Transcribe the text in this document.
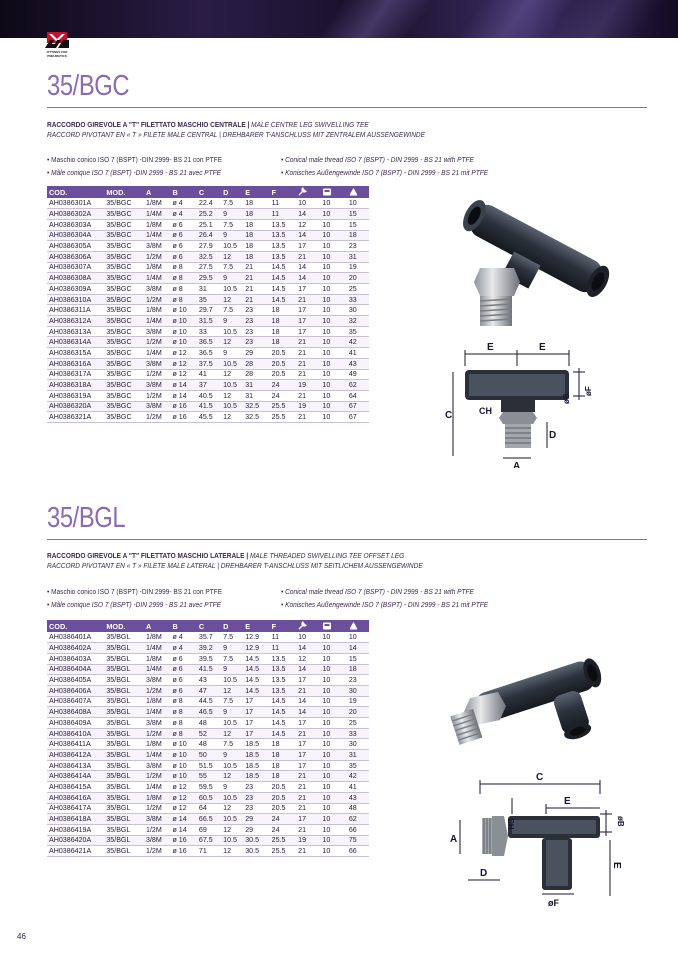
FITTINGS FOR PNEUMATICS
35/BGC
RACCORDO GIREVOLE A "T" FILETTATO MASCHIO CENTRALE | MALE CENTRE LEG SWIVELLING TEE
RACCORD PIVOTANT EN « T » FILETE MALE CENTRAL | DREHBARER T-ANSCHLUSS MIT ZENTRALEM AUSSENGEWINDE
• Maschio conico ISO 7 (BSPT) -DIN 2999- BS 21 con PTFE
• Mâle conique ISO 7 (BSPT) -DIN 2999 - BS 21 avec PTFE
• Conical male thread ISO 7 (BSPT) - DIN 2999 - BS 21 with PTFE
• Konisches Außengewinde ISO 7 (BSPT) - DIN 2999 - BS 21 mit PTFE
COD.	MOD.	A	B	C	D	E	F			
AH0386301A	35/BGC	1/8M	ø 4	22.4	7.5	18	11	10	10	10
AH0386302A	35/BGC	1/4M	ø 4	25.2	9	18	11	14	10	15
AH0386303A	35/BGC	1/8M	ø 6	25.1	7.5	18	13.5	12	10	15
AH0386304A	35/BGC	1/4M	ø 6	26.4	9	18	13.5	14	10	18
AH0386305A	35/BGC	3/8M	ø 6	27.9	10.5	18	13.5	17	10	23
AH0386306A	35/BGC	1/2M	ø 6	32.5	12	18	13.5	21	10	31
AH0386307A	35/BGC	1/8M	ø 8	27.5	7.5	21	14.5	14	10	19
AH0386308A	35/BGC	1/4M	ø 8	29.5	9	21	14.5	14	10	20
AH0386309A	35/BGC	3/8M	ø 8	31	10.5	21	14.5	17	10	25
AH0386310A	35/BGC	1/2M	ø 8	35	12	21	14.5	21	10	33
AH0386311A	35/BGC	1/8M	ø 10	29.7	7.5	23	18	17	10	30
AH0386312A	35/BGC	1/4M	ø 10	31.5	9	23	18	17	10	32
AH0386313A	35/BGC	3/8M	ø 10	33	10.5	23	18	17	10	35
AH0386314A	35/BGC	1/2M	ø 10	36.5	12	23	18	21	10	42
AH0386315A	35/BGC	1/4M	ø 12	36.5	9	29	20.5	21	10	41
AH0386316A	35/BGC	3/8M	ø 12	37.5	10.5	28	20.5	21	10	43
AH0386317A	35/BGC	1/2M	ø 12	41	12	28	20.5	21	10	49
AH0386318A	35/BGC	3/8M	ø 14	37	10.5	31	24	19	10	62
AH0386319A	35/BGC	1/2M	ø 14	40.5	12	31	24	21	10	64
AH0386320A	35/BGC	3/8M	ø 16	41.5	10.5	32.5	25.5	19	10	67
AH0386321A	35/BGC	1/2M	ø 16	45.5	12	32.5	25.5	21	10	67
E	E
øF
øB
C	CH
D
A
35/BGL
RACCORDO GIREVOLE A "T" FILETTATO MASCHIO LATERALE | MALE THREADED SWIVELLING TEE OFFSET LEG
RACCORD PIVOTANT EN « T » FILETE MALE LATERAL | DREHBARER T-ANSCHLUSS MIT SEITLICHEM AUSSENGEWINDE
• Maschio conico ISO 7 (BSPT) -DIN 2999- BS 21 con PTFE
• Mâle conique ISO 7 (BSPT) -DIN 2999 - BS 21 avec PTFE
• Conical male thread ISO 7 (BSPT) - DIN 2999 - BS 21 with PTFE
• Konisches Außengewinde ISO 7 (BSPT) - DIN 2999 - BS 21 mit PTFE
COD.	MOD.	A	B	C	D	E	F			
AH0386401A	35/BGL	1/8M	ø 4	35.7	7.5	12.9	11	10	10	10
AH0386402A	35/BGL	1/4M	ø 4	39.2	9	12.9	11	14	10	14
AH0386403A	35/BGL	1/8M	ø 6	39.5	7.5	14.5	13.5	12	10	15
AH0386404A	35/BGL	1/4M	ø 6	41.5	9	14.5	13.5	14	10	18
AH0386405A	35/BGL	3/8M	ø 6	43	10.5	14.5	13.5	17	10	23
AH0386406A	35/BGL	1/2M	ø 6	47	12	14.5	13.5	21	10	30
AH0386407A	35/BGL	1/8M	ø 8	44.5	7.5	17	14.5	14	10	19
AH0386408A	35/BGL	1/4M	ø 8	46.5	9	17	14.5	14	10	20
AH0386409A	35/BGL	3/8M	ø 8	48	10.5	17	14.5	17	10	25
AH0386410A	35/BGL	1/2M	ø 8	52	12	17	14.5	21	10	33
AH0386411A	35/BGL	1/8M	ø 10	48	7.5	18.5	18	17	10	30
AH0386412A	35/BGL	1/4M	ø 10	50	9	18.5	18	17	10	31
AH0386413A	35/BGL	3/8M	ø 10	51.5	10.5	18.5	18	17	10	35
AH0386414A	35/BGL	1/2M	ø 10	55	12	18.5	18	21	10	42
AH0386415A	35/BGL	1/4M	ø 12	59.5	9	23	20.5	21	10	41
AH0386416A	35/BGL	1/8M	ø 12	60.5	10.5	23	20.5	21	10	43
AH0386417A	35/BGL	1/2M	ø 12	64	12	23	20.5	21	10	48
AH0386418A	35/BGL	3/8M	ø 14	66.5	10.5	29	24	17	10	62
AH0386419A	35/BGL	1/2M	ø 14	69	12	29	24	21	10	66
AH0386420A	35/BGL	3/8M	ø 16	67.5	10.5	30.5	25.5	19	10	75
AH0386421A	35/BGL	1/2M	ø 16	71	12	30.5	25.5	21	10	66
C
E
CH	øB
A
D
E
øF
46
